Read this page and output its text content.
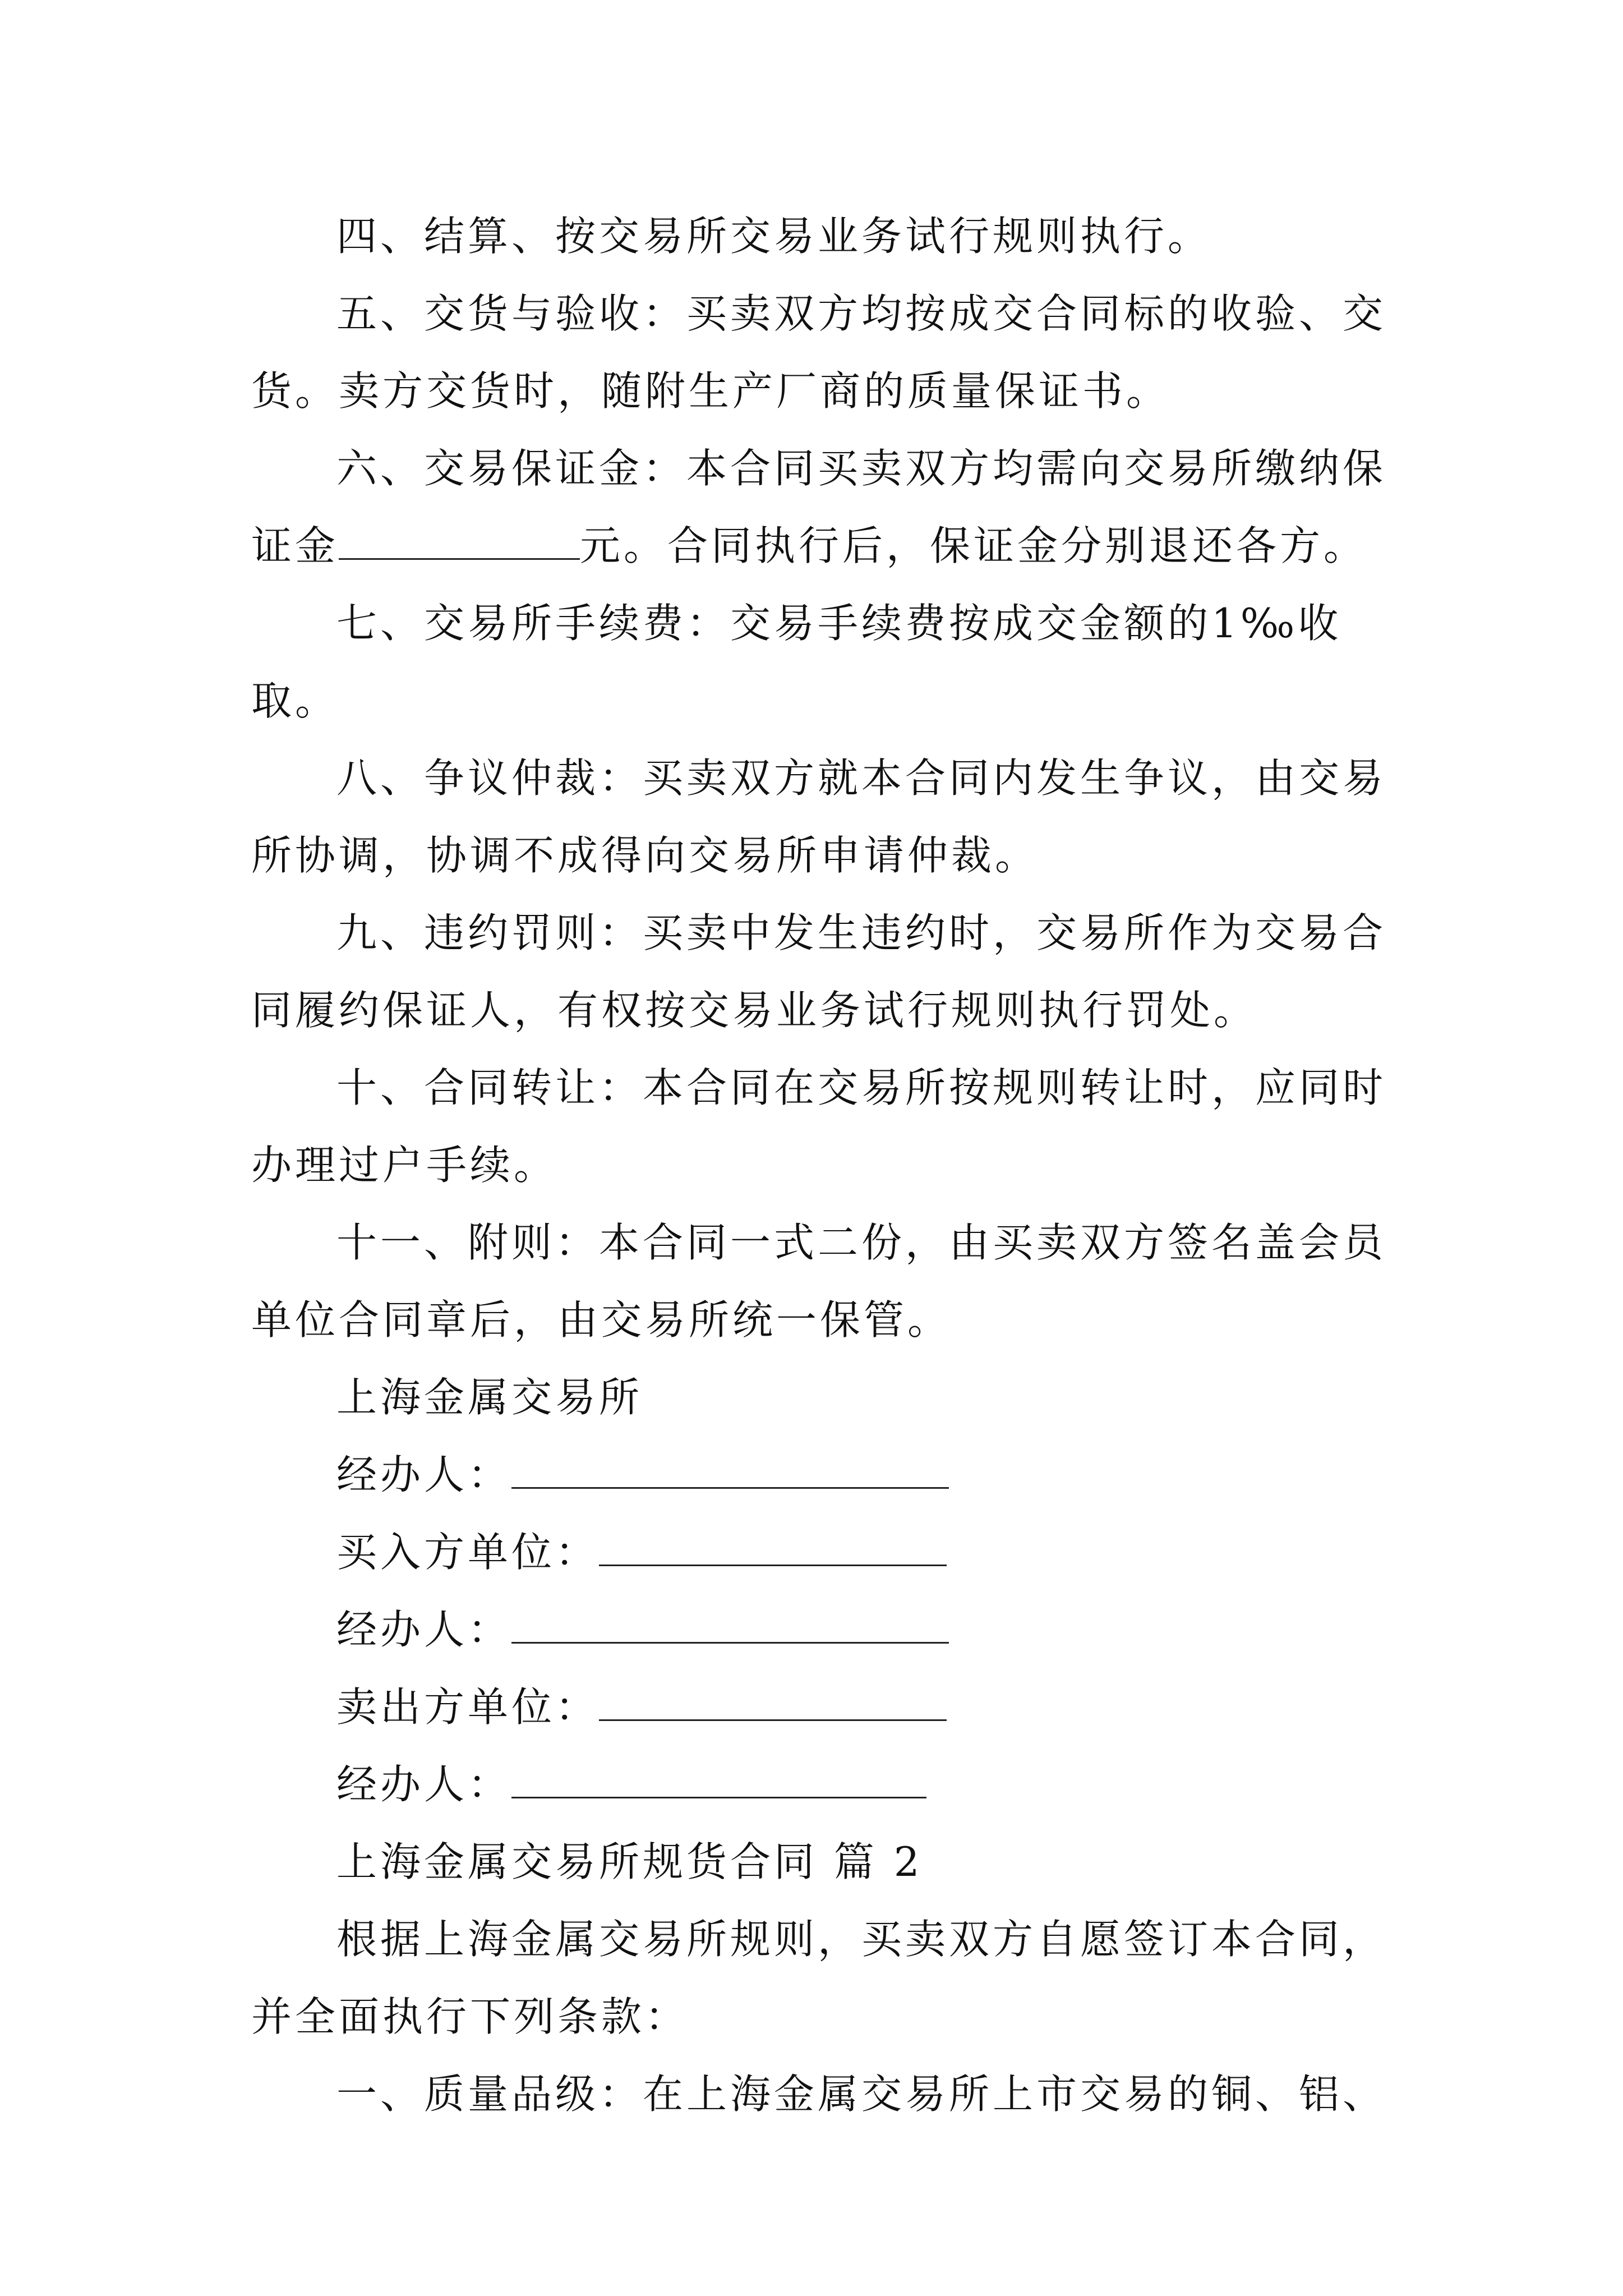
四、结算、按交易所交易业务试行规则执行。

五、交货与验收：买卖双方均按成交合同标的收验、交货。卖方交货时，随附生产厂商的质量保证书。

六、交易保证金：本合同买卖双方均需向交易所缴纳保证金	元。合同执行后，保证金分别退还各方。

七、交易所手续费：交易手续费按成交金额的1‰收取。

八、争议仲裁：买卖双方就本合同内发生争议，由交易所协调，协调不成得向交易所申请仲裁。

九、违约罚则：买卖中发生违约时，交易所作为交易合同履约保证人，有权按交易业务试行规则执行罚处。

十、合同转让：本合同在交易所按规则转让时，应同时办理过户手续。

十一、附则：本合同一式二份，由买卖双方签名盖会员单位合同章后，由交易所统一保管。

上海金属交易所

经办人：

买入方单位：

经办人：

卖出方单位：

经办人：

上海金属交易所规货合同 篇 2

根据上海金属交易所规则，买卖双方自愿签订本合同，并全面执行下列条款：

一、质量品级：在上海金属交易所上市交易的铜、铝、
